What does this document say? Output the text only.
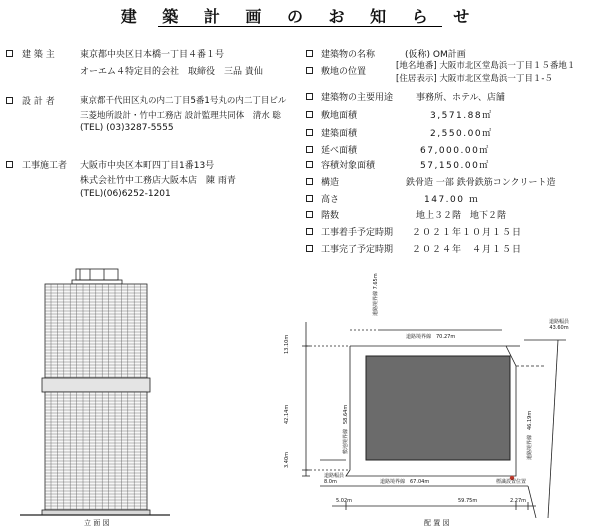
建 築 計 画 の お 知 ら せ
建 築 主	東京都中央区日本橋一丁目４番１号
オーエム４特定目的会社　取締役　三品 貴仙
設 計 者	東京都千代田区丸の内二丁目5番1号丸の内二丁目ビル
三菱地所設計・竹中工務店 設計監理共同体　清水 聡
(TEL) (03)3287-5555
工事施工者 大阪市中央区本町四丁目1番13号
株式会社竹中工務店大阪本店　陳 雨青
(TEL)(06)6252-1201
建築物の名称	(仮称) OM計画
敷地の位置
[地名地番] 大阪市北区堂島浜一丁目１５番地１
[住居表示] 大阪市北区堂島浜一丁目１-５
建築物の主要用途	事務所、ホテル、店舗
敷地面積	3,571.88㎡
建築面積	2,550.00㎡
延べ面積	67,000.00㎡
容積対象面積	57,150.00㎡
構造	鉄骨造 一部 鉄骨鉄筋コンクリート造
高さ	147.00 ｍ
階数	地上３２階　地下２階
工事着手予定時期 ２０２１年１０月１５日
工事完了予定時期 ２０２４年　４月１５日
立 面 図
道路境界線 7.65m
道路境界線　70.27m
道路幅員 43.60m
道路境界線　46.19m
敷地境界線　58.64m
道路境界線　67.04m
道路幅員 8.0m	標識設置位置
13.10m
42.14m
3.40m
5.02m	59.75m	2.27m
配 置 図
